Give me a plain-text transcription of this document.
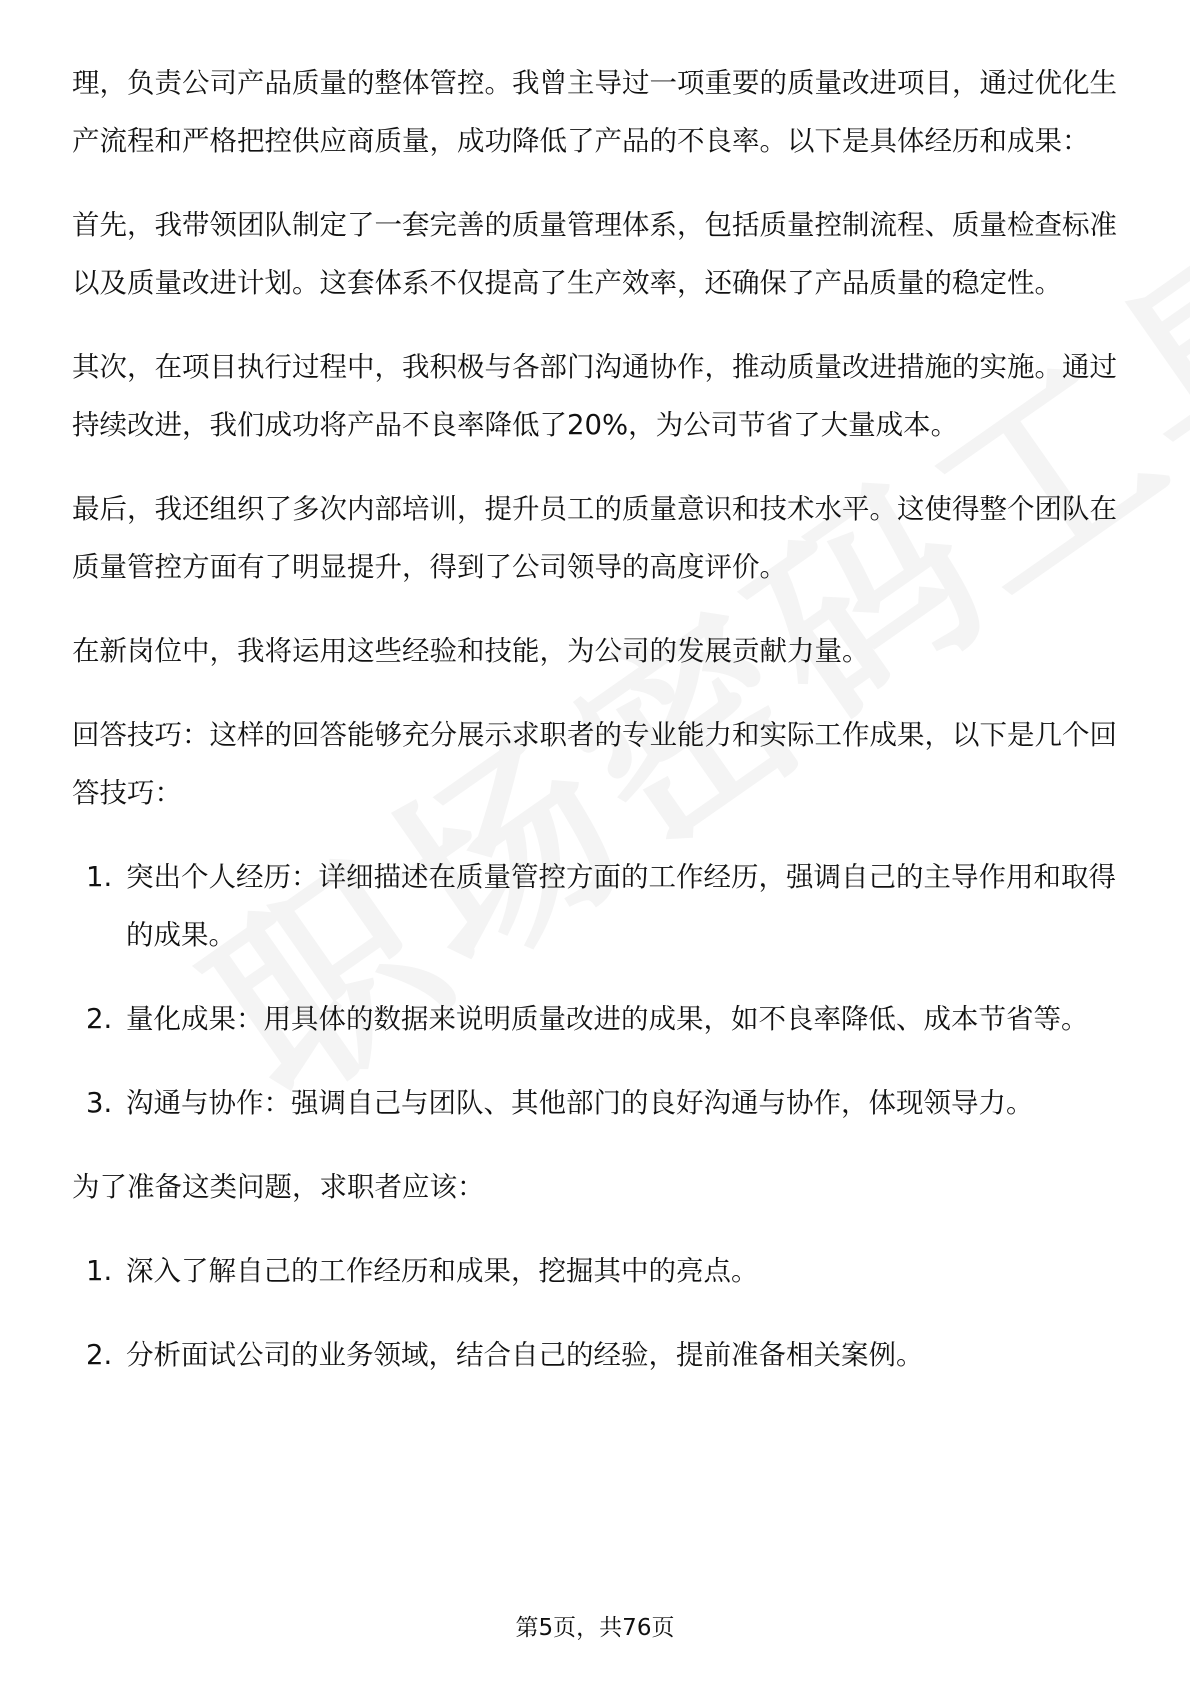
理，负责公司产品质量的整体管控。我曾主导过一项重要的质量改进项目，通过优化生产流程和严格把控供应商质量，成功降低了产品的不良率。以下是具体经历和成果：

首先，我带领团队制定了一套完善的质量管理体系，包括质量控制流程、质量检查标准以及质量改进计划。这套体系不仅提高了生产效率，还确保了产品质量的稳定性。

其次，在项目执行过程中，我积极与各部门沟通协作，推动质量改进措施的实施。通过持续改进，我们成功将产品不良率降低了20%，为公司节省了大量成本。

最后，我还组织了多次内部培训，提升员工的质量意识和技术水平。这使得整个团队在质量管控方面有了明显提升，得到了公司领导的高度评价。

在新岗位中，我将运用这些经验和技能，为公司的发展贡献力量。

回答技巧：这样的回答能够充分展示求职者的专业能力和实际工作成果，以下是几个回答技巧：

1. 突出个人经历：详细描述在质量管控方面的工作经历，强调自己的主导作用和取得的成果。
2. 量化成果：用具体的数据来说明质量改进的成果，如不良率降低、成本节省等。
3. 沟通与协作：强调自己与团队、其他部门的良好沟通与协作，体现领导力。

为了准备这类问题，求职者应该：

1. 深入了解自己的工作经历和成果，挖掘其中的亮点。
2. 分析面试公司的业务领域，结合自己的经验，提前准备相关案例。
第5页，共76页
